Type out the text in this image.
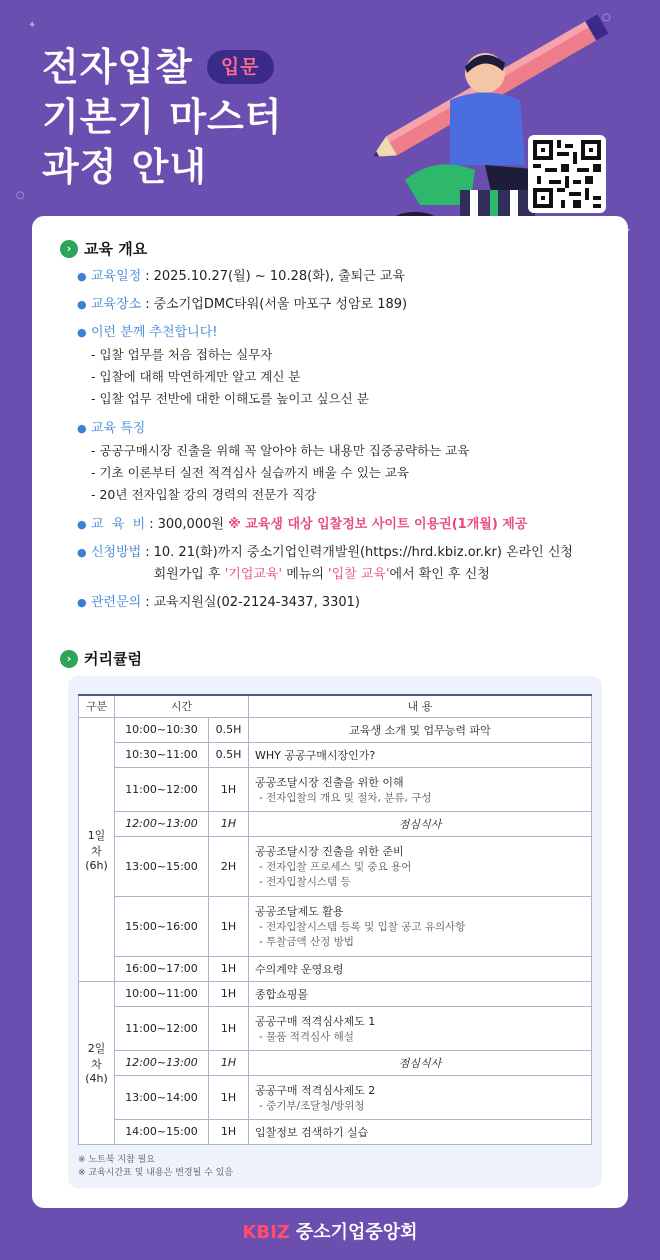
✦
○
○
전자입찰	입문
기본기 마스터
과정 안내
› 교육 개요
● 교육일정 : 2025.10.27(월) ~ 10.28(화), 출퇴근 교육
● 교육장소 : 중소기업DMC타워(서울 마포구 성암로 189)
● 이런 분께 추천합니다!
- 입찰 업무를 처음 접하는 실무자
- 입찰에 대해 막연하게만 알고 계신 분
- 입찰 업무 전반에 대한 이해도를 높이고 싶으신 분
● 교육 특징
- 공공구매시장 진출을 위해 꼭 알아야 하는 내용만 집중공략하는 교육
- 기초 이론부터 실전 적격심사 실습까지 배울 수 있는 교육
- 20년 전자입찰 강의 경력의 전문가 직강
● 교  육  비 : 300,000원
※ 교육생 대상 입찰정보 사이트 이용권(1개월) 제공
● 신청방법 : 10. 21(화)까지 중소기업인력개발원(https://hrd.kbiz.or.kr) 온라인 신청
회원가입 후 '기업교육' 메뉴의 '입찰 교육'에서 확인 후 신청
● 관련문의 : 교육지원실(02-2124-3437, 3301)
› 커리큘럼
구분	시간		내 용

1일차
(6h)	10:00~10:30	0.5H	교육생 소개 및 업무능력 파악

	10:30~11:00	0.5H	WHY 공공구매시장인가?

	11:00~12:00	1H	공공조달시장 진출을 위한 이해
- 전자입찰의 개요 및 절차, 분류, 구성

	12:00~13:00	1H	점심식사

	13:00~15:00	2H	공공조달시장 진출을 위한 준비
- 전자입찰 프로세스 및 중요 용어
- 전자입찰시스템 등

	15:00~16:00	1H	공공조달제도 활용
- 전자입찰시스템 등록 및 입찰 공고 유의사항
- 투찰금액 산정 방법

	16:00~17:00	1H	수의계약 운영요령

2일차
(4h)	10:00~11:00	1H	종합쇼핑몰

	11:00~12:00	1H	공공구매 적격심사제도 1
- 물품 적격심사 해설

	12:00~13:00	1H	점심식사

	13:00~14:00	1H	공공구매 적격심사제도 2
- 중기부/조달청/방위청

	14:00~15:00	1H	입찰정보 검색하기 실습
※ 노트북 지참 필요
※ 교육시간표 및 내용은 변경될 수 있음
KBIZ 중소기업중앙회
